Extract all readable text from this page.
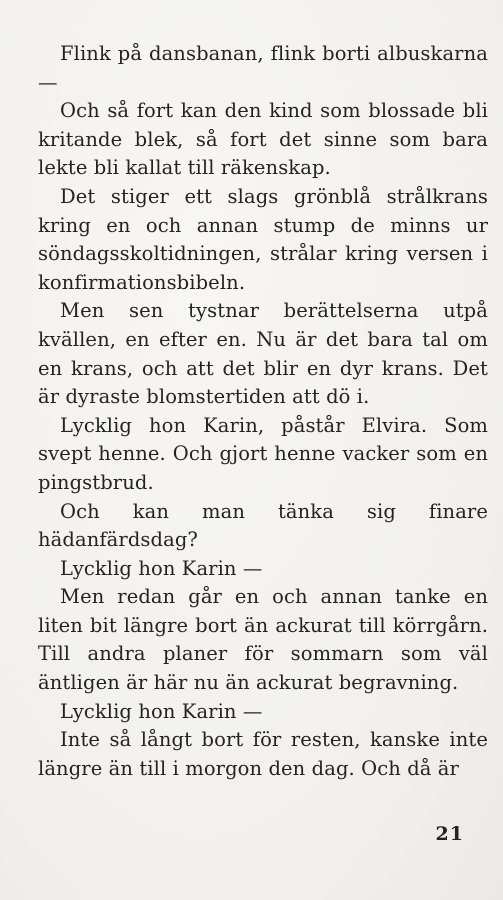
Flink på dansbanan, flink borti albuskarna —

Och så fort kan den kind som blossade bli kritande blek, så fort det sinne som bara lekte bli kallat till räkenskap.

Det stiger ett slags grönblå strålkrans kring en och annan stump de minns ur söndagsskoltidningen, strålar kring versen i konfirmationsbibeln.

Men sen tystnar berättelserna utpå kvällen, en efter en. Nu är det bara tal om en krans, och att det blir en dyr krans. Det är dyraste blomstertiden att dö i.

Lycklig hon Karin, påstår Elvira. Som svept henne. Och gjort henne vacker som en pingstbrud.

Och kan man tänka sig finare hädanfärdsdag?

Lycklig hon Karin —

Men redan går en och annan tanke en liten bit längre bort än ackurat till körrgårn. Till andra planer för sommarn som väl äntligen är här nu än ackurat begravning.

Lycklig hon Karin —

Inte så långt bort för resten, kanske inte längre än till i morgon den dag. Och då är

21
